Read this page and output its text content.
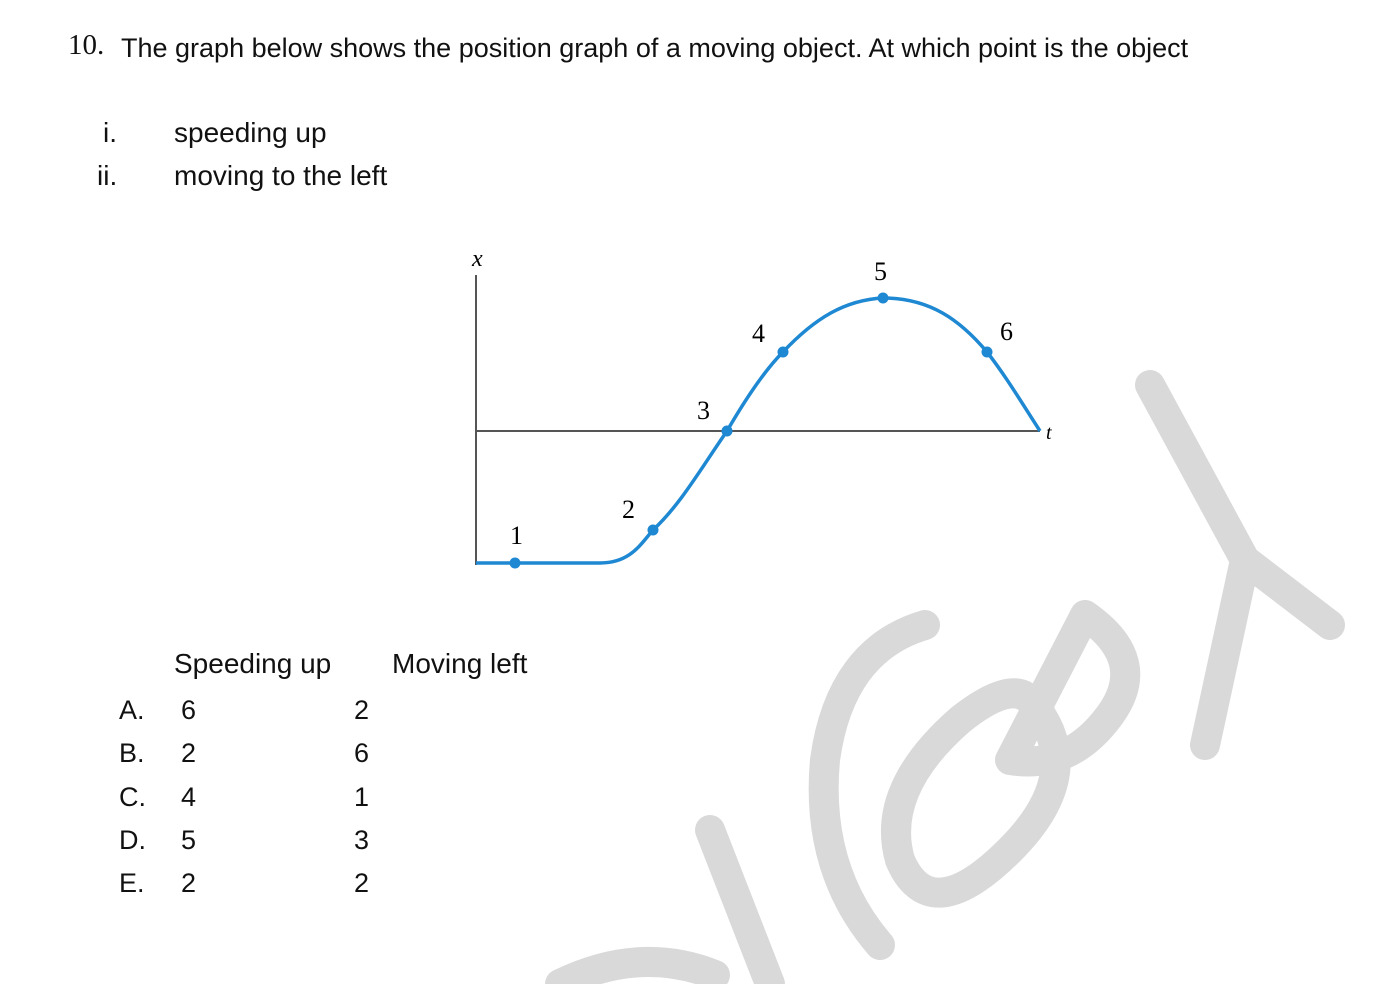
10. The graph below shows the position graph of a moving object. At which point is the object
i. speeding up
ii. moving to the left
x
t
1
2
3
4
5
6
Speeding up Moving left
A. 6	2
B. 2	6
C. 4	1
D. 5	3
E. 2	2
